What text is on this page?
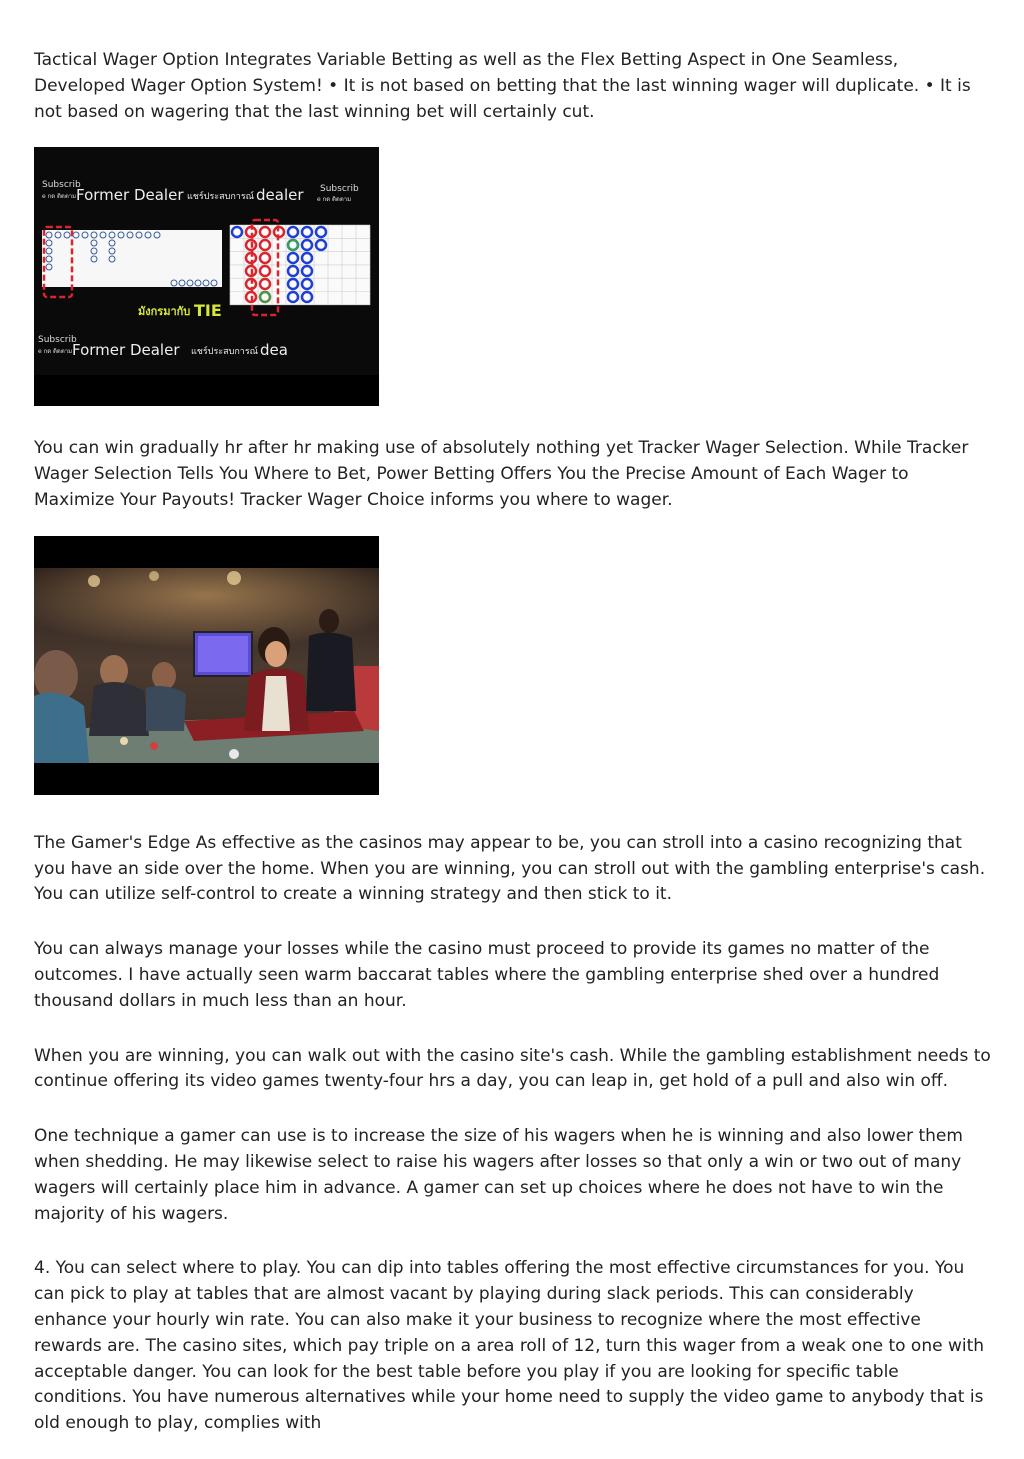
Tactical Wager Option Integrates Variable Betting as well as the Flex Betting Aspect in One Seamless, Developed Wager Option System! • It is not based on betting that the last winning wager will duplicate. • It is not based on wagering that the last winning bet will certainly cut.

Subscrib
e กด ติดตาม Former Dealer แชร์ประสบการณ์ dealer Subscrib
e กด ติดตาม
มังกรมากับ TIE
Subscrib
e กด ติดตาม Former Dealer แชร์ประสบการณ์ dea

You can win gradually hr after hr making use of absolutely nothing yet Tracker Wager Selection. While Tracker Wager Selection Tells You Where to Bet, Power Betting Offers You the Precise Amount of Each Wager to Maximize Your Payouts! Tracker Wager Choice informs you where to wager.

The Gamer's Edge As effective as the casinos may appear to be, you can stroll into a casino recognizing that you have an side over the home. When you are winning, you can stroll out with the gambling enterprise's cash. You can utilize self-control to create a winning strategy and then stick to it.

You can always manage your losses while the casino must proceed to provide its games no matter of the outcomes. I have actually seen warm baccarat tables where the gambling enterprise shed over a hundred thousand dollars in much less than an hour.

When you are winning, you can walk out with the casino site's cash. While the gambling establishment needs to continue offering its video games twenty-four hrs a day, you can leap in, get hold of a pull and also win off.

One technique a gamer can use is to increase the size of his wagers when he is winning and also lower them when shedding. He may likewise select to raise his wagers after losses so that only a win or two out of many wagers will certainly place him in advance. A gamer can set up choices where he does not have to win the majority of his wagers.

4. You can select where to play. You can dip into tables offering the most effective circumstances for you. You can pick to play at tables that are almost vacant by playing during slack periods. This can considerably enhance your hourly win rate. You can also make it your business to recognize where the most effective rewards are. The casino sites, which pay triple on a area roll of 12, turn this wager from a weak one to one with acceptable danger. You can look for the best table before you play if you are looking for specific table conditions. You have numerous alternatives while your home need to supply the video game to anybody that is old enough to play, complies with
